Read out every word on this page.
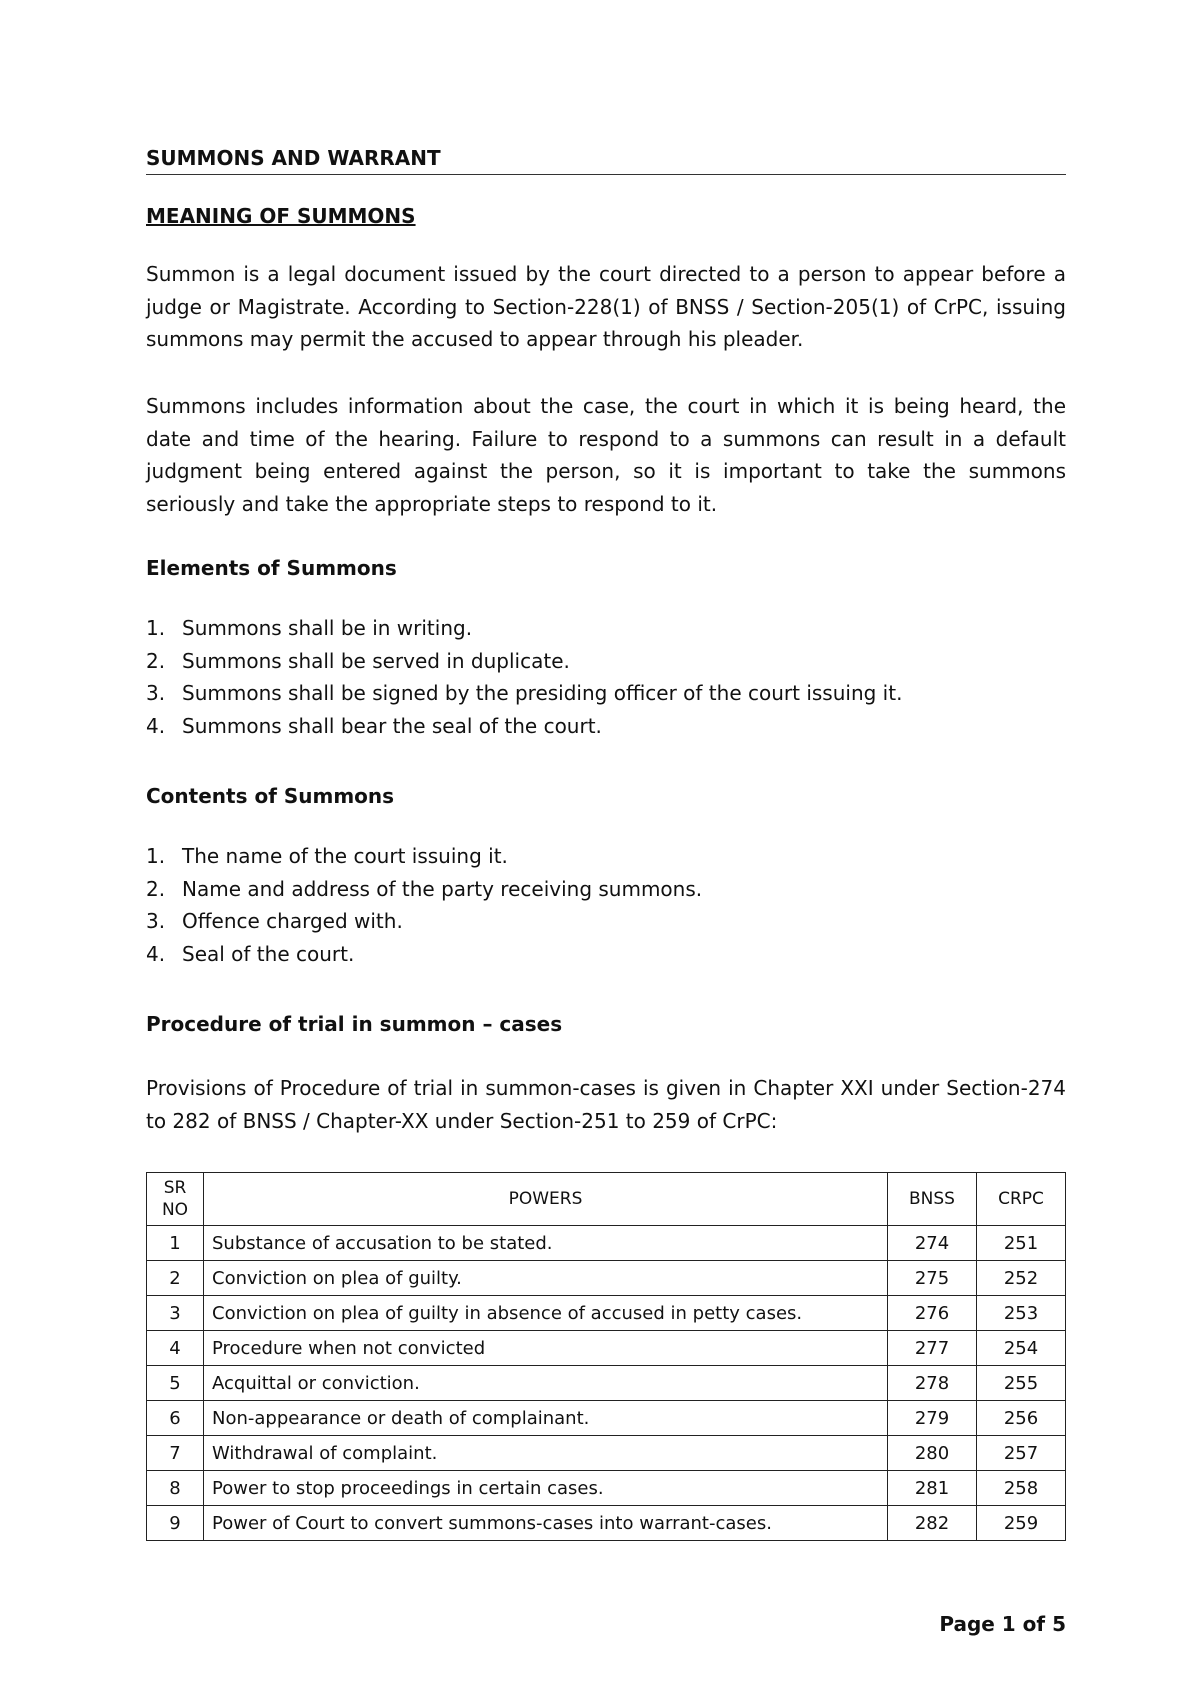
SUMMONS AND WARRANT
MEANING OF SUMMONS

Summon is a legal document issued by the court directed to a person to appear before a judge or Magistrate. According to Section-228(1) of BNSS / Section-205(1) of CrPC, issuing summons may permit the accused to appear through his pleader.

Summons includes information about the case, the court in which it is being heard, the date and time of the hearing. Failure to respond to a summons can result in a default judgment being entered against the person, so it is important to take the summons seriously and take the appropriate steps to respond to it.

Elements of Summons
1. Summons shall be in writing.
2. Summons shall be served in duplicate.
3. Summons shall be signed by the presiding officer of the court issuing it.
4. Summons shall bear the seal of the court.
Contents of Summons
1. The name of the court issuing it.
2. Name and address of the party receiving summons.
3. Offence charged with.
4. Seal of the court.
Procedure of trial in summon – cases

Provisions of Procedure of trial in summon-cases is given in Chapter XXI under Section-274 to 282 of BNSS / Chapter-XX under Section-251 to 259 of CrPC:

SR
NO	POWERS	BNSS	CRPC
1	Substance of accusation to be stated.	274	251
2	Conviction on plea of guilty.	275	252
3	Conviction on plea of guilty in absence of accused in petty cases.	276	253
4	Procedure when not convicted	277	254
5	Acquittal or conviction.	278	255
6	Non-appearance or death of complainant.	279	256
7	Withdrawal of complaint.	280	257
8	Power to stop proceedings in certain cases.	281	258
9	Power of Court to convert summons-cases into warrant-cases.	282	259
Page 1 of 5
